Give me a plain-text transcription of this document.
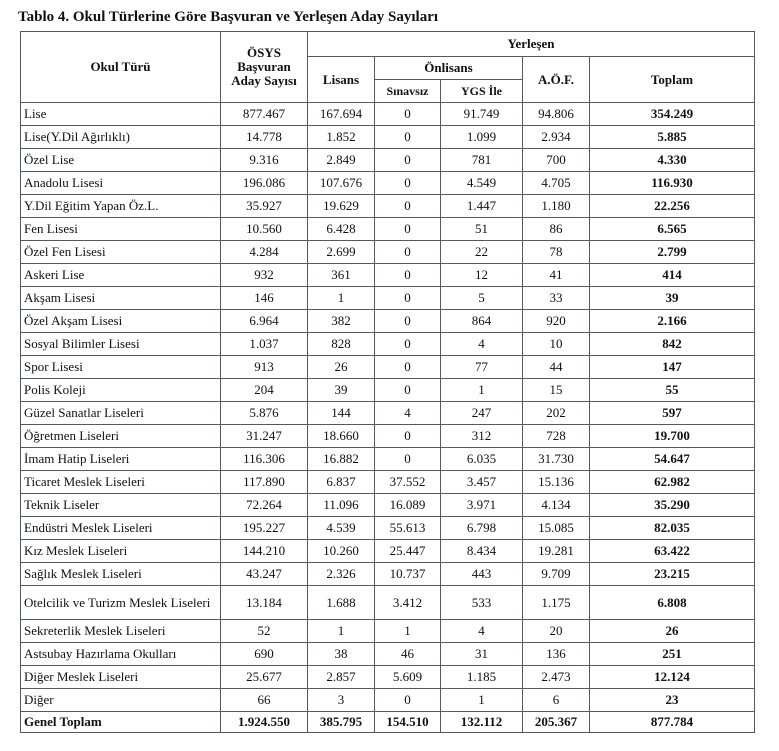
Tablo 4. Okul Türlerine Göre Başvuran ve Yerleşen Aday Sayıları
Okul Türü	ÖSYS Başvuran Aday Sayısı	Yerleşen				
		Lisans	Önlisans		A.Ö.F.	Toplam
			Sınavsız	YGS İle		
Lise	877.467	167.694	0	91.749	94.806	354.249
Lise(Y.Dil Ağırlıklı)	14.778	1.852	0	1.099	2.934	5.885
Özel Lise	9.316	2.849	0	781	700	4.330
Anadolu Lisesi	196.086	107.676	0	4.549	4.705	116.930
Y.Dil Eğitim Yapan Öz.L.	35.927	19.629	0	1.447	1.180	22.256
Fen Lisesi	10.560	6.428	0	51	86	6.565
Özel Fen Lisesi	4.284	2.699	0	22	78	2.799
Askeri Lise	932	361	0	12	41	414
Akşam Lisesi	146	1	0	5	33	39
Özel Akşam Lisesi	6.964	382	0	864	920	2.166
Sosyal Bilimler Lisesi	1.037	828	0	4	10	842
Spor Lisesi	913	26	0	77	44	147
Polis Koleji	204	39	0	1	15	55
Güzel Sanatlar Liseleri	5.876	144	4	247	202	597
Öğretmen Liseleri	31.247	18.660	0	312	728	19.700
İmam Hatip Liseleri	116.306	16.882	0	6.035	31.730	54.647
Ticaret Meslek Liseleri	117.890	6.837	37.552	3.457	15.136	62.982
Teknik Liseler	72.264	11.096	16.089	3.971	4.134	35.290
Endüstri Meslek Liseleri	195.227	4.539	55.613	6.798	15.085	82.035
Kız Meslek Liseleri	144.210	10.260	25.447	8.434	19.281	63.422
Sağlık Meslek Liseleri	43.247	2.326	10.737	443	9.709	23.215
Otelcilik ve Turizm Meslek Liseleri	13.184	1.688	3.412	533	1.175	6.808
Sekreterlik Meslek Liseleri	52	1	1	4	20	26
Astsubay Hazırlama Okulları	690	38	46	31	136	251
Diğer Meslek Liseleri	25.677	2.857	5.609	1.185	2.473	12.124
Diğer	66	3	0	1	6	23
Genel Toplam	1.924.550	385.795	154.510	132.112	205.367	877.784
